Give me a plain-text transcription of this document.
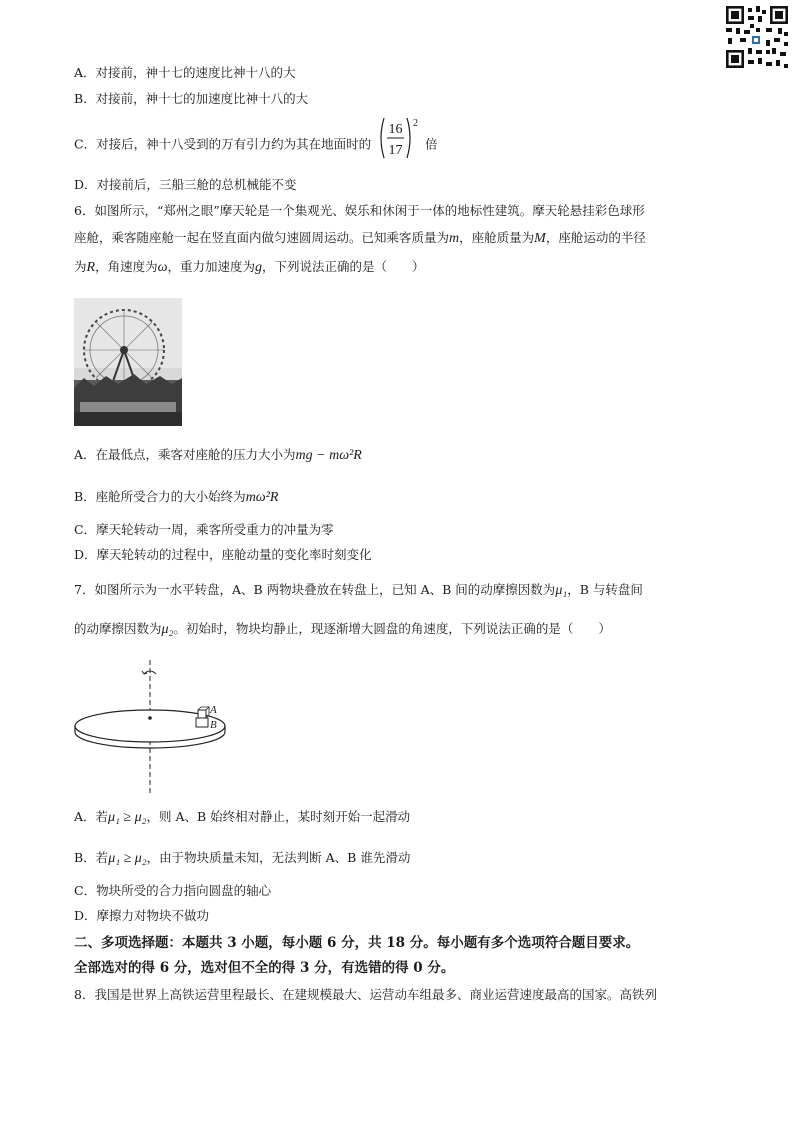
A．对接前，神十七的速度比神十八的大
B．对接前，神十七的加速度比神十八的大
C．对接后，神十八受到的万有引力约为其在地面时的
16
17
2
倍
D．对接前后，三船三舱的总机械能不变
6．如图所示，“郑州之眼”摩天轮是一个集观光、娱乐和休闲于一体的地标性建筑。摩天轮悬挂彩色球形
座舱，乘客随座舱一起在竖直面内做匀速圆周运动。已知乘客质量为m，座舱质量为M，座舱运动的半径
为R，角速度为ω，重力加速度为g，下列说法正确的是（　　）
A．在最低点，乘客对座舱的压力大小为mg − mω²R
B．座舱所受合力的大小始终为mω²R
C．摩天轮转动一周，乘客所受重力的冲量为零
D．摩天轮转动的过程中，座舱动量的变化率时刻变化
7．如图所示为一水平转盘，A、B 两物块叠放在转盘上，已知 A、B 间的动摩擦因数为μ₁，B 与转盘间
的动摩擦因数为μ₂。初始时，物块均静止，现逐渐增大圆盘的角速度，下列说法正确的是（　　）
A
B
A．若μ₁ ≥ μ₂，则 A、B 始终相对静止，某时刻开始一起滑动
B．若μ₁ ≥ μ₂，由于物块质量未知，无法判断 A、B 谁先滑动
C．物块所受的合力指向圆盘的轴心
D．摩擦力对物块不做功
二、多项选择题：本题共 3 小题，每小题 6 分，共 18 分。每小题有多个选项符合题目要求。
全部选对的得 6 分，选对但不全的得 3 分，有选错的得 0 分。
8．我国是世界上高铁运营里程最长、在建规模最大、运营动车组最多、商业运营速度最高的国家。高铁列
